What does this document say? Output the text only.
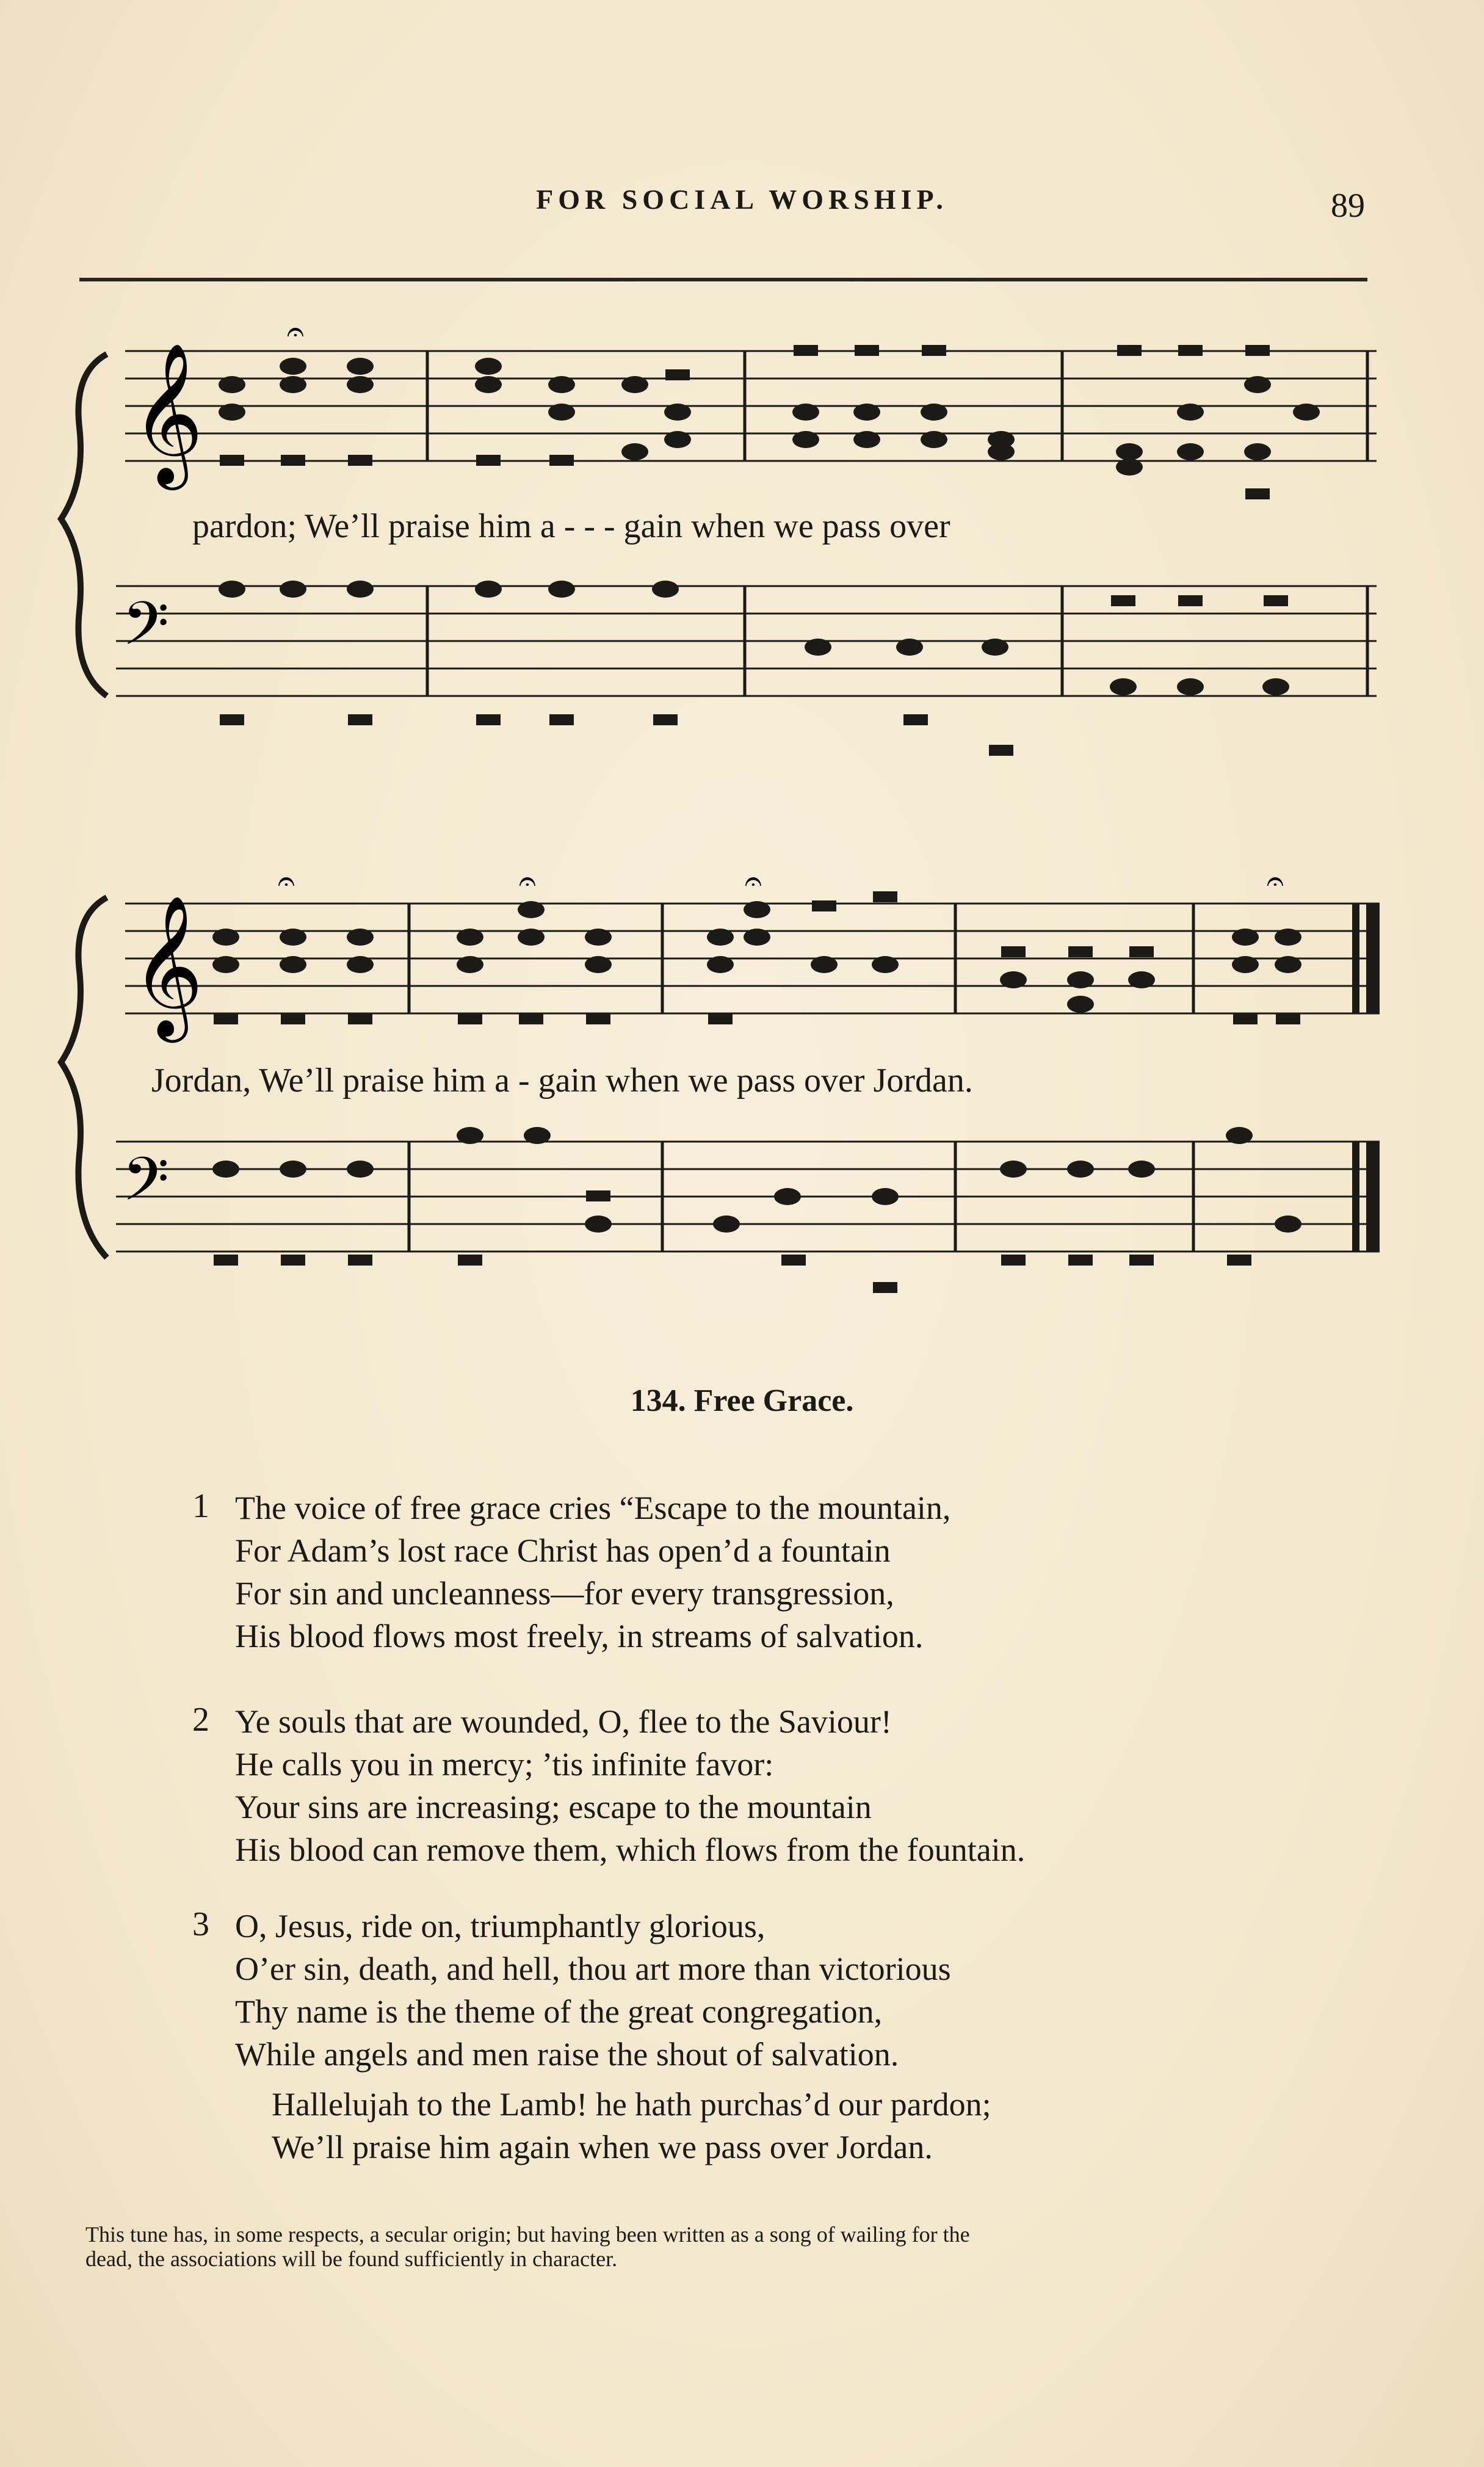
FOR SOCIAL WORSHIP.	89
𝄞
𝄢
𝄐
pardon; We’ll praise him a - - - gain when we pass over
𝄞
𝄢
𝄐	𝄐	𝄐	𝄐
Jordan, We’ll praise him a - gain when we pass over Jordan.
134. Free Grace.
1 The voice of free grace cries “Escape to the mountain,
For Adam’s lost race Christ has open’d a fountain
For sin and uncleanness—for every transgression,
His blood flows most freely, in streams of salvation.
2 Ye souls that are wounded, O, flee to the Saviour!
He calls you in mercy; ’tis infinite favor:
Your sins are increasing; escape to the mountain
His blood can remove them, which flows from the fountain.
3 O, Jesus, ride on, triumphantly glorious,
O’er sin, death, and hell, thou art more than victorious
Thy name is the theme of the great congregation,
While angels and men raise the shout of salvation.
Hallelujah to the Lamb! he hath purchas’d our pardon;
We’ll praise him again when we pass over Jordan.
This tune has, in some respects, a secular origin; but having been written as a song of wailing for the
dead, the associations will be found sufficiently in character.
